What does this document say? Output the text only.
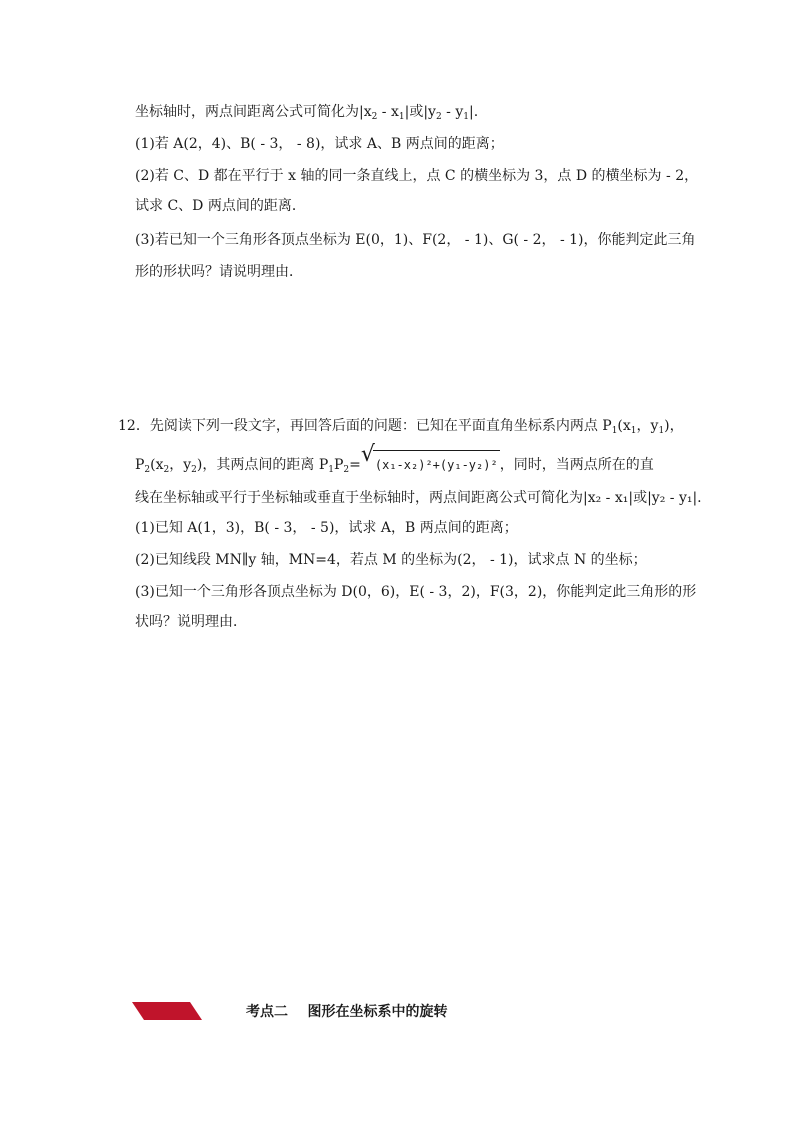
坐标轴时，两点间距离公式可简化为$|x_2 - x_1|$或$|y_2 - y_1|$.
(1)若 A(2，4)、B( - 3， - 8)，试求 A、B 两点间的距离；
(2)若 C、D 都在平行于 x 轴的同一条直线上，点 C 的横坐标为 3，点 D 的横坐标为 - 2，
试求 C、D 两点间的距离．
(3)若已知一个三角形各顶点坐标为 E(0，1)、F(2， - 1)、G( - 2， - 1)，你能判定此三角
形的形状吗？请说明理由．
12．先阅读下列一段文字，再回答后面的问题：已知在平面直角坐标系内两点 $P_1(x_1$，$y_1$)，
$P_2(x_2$，$y_2$)，其两点间的距离 $P_1P_2=$ √ (x₁-x₂)²+(y₁-y₂)² ，同时，当两点所在的直
线在坐标轴或平行于坐标轴或垂直于坐标轴时，两点间距离公式可简化为|x₂ - x₁|或|y₂ - y₁|.
(1)已知 A(1，3)，B( - 3， - 5)，试求 A，B 两点间的距离；
(2)已知线段 MN∥y 轴，MN=4，若点 M 的坐标为(2， - 1)，试求点 N 的坐标；
(3)已知一个三角形各顶点坐标为 D(0，6)，E( - 3，2)，F(3，2)，你能判定此三角形的形
状吗？说明理由．
考点二    图形在坐标系中的旋转
